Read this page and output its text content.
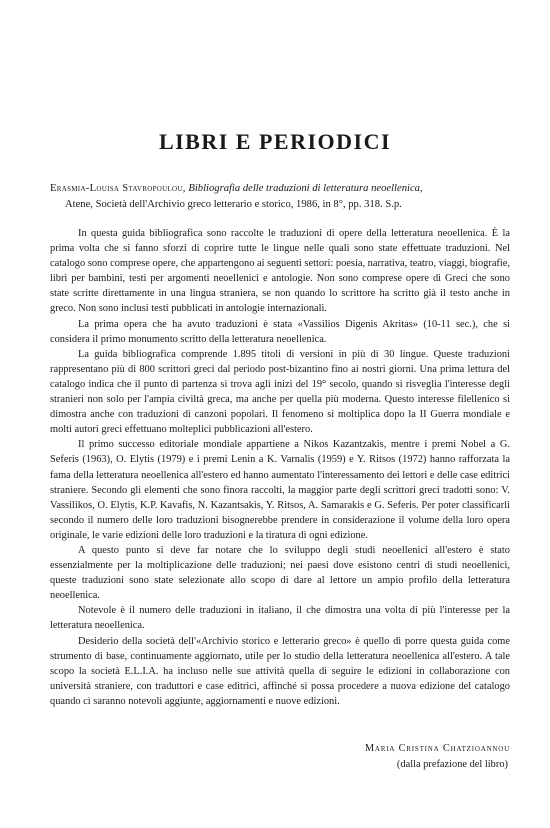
LIBRI E PERIODICI
Erasmia-Louisa Stavropoulou, Bibliografia delle traduzioni di letteratura neoellenica,
Atene, Società dell'Archivio greco letterario e storico, 1986, in 8°, pp. 318. S.p.

In questa guida bibliografica sono raccolte le traduzioni di opere della letteratura neoellenica. È la prima volta che si fanno sforzi di coprire tutte le lingue nelle quali sono state effettuate traduzioni. Nel catalogo sono comprese opere, che appartengono ai seguenti settori: poesia, narrativa, teatro, viaggi, biografie, libri per bambini, testi per argomenti neoellenici e antologie. Non sono comprese opere di Greci che sono state scritte direttamente in una lingua straniera, se non quando lo scrittore ha scritto già il testo anche in greco. Non sono inclusi testi pubblicati in antologie internazionali.

La prima opera che ha avuto traduzioni è stata «Vassilios Digenis Akritas» (10-11 sec.), che si considera il primo monumento scritto della letteratura neoellenica.

La guida bibliografica comprende 1.895 titoli di versioni in più di 30 lingue. Queste traduzioni rappresentano più di 800 scrittori greci dal periodo post-bizantino fino ai nostri giorni. Una prima lettura del catalogo indica che il punto di partenza si trova agli inizi del 19° secolo, quando si risveglia l'interesse degli stranieri non solo per l'ampia civiltà greca, ma anche per quella più moderna. Questo interesse filellenico si dimostra anche con traduzioni di canzoni popolari. Il fenomeno si moltiplica dopo la II Guerra mondiale e molti autori greci effettuano molteplici pubblicazioni all'estero.

Il primo successo editoriale mondiale appartiene a Nikos Kazantzakis, mentre i premi Nobel a G. Seferis (1963), O. Elytis (1979) e i premi Lenin a K. Varnalis (1959) e Y. Ritsos (1972) hanno rafforzata la fama della letteratura neoellenica all'estero ed hanno aumentato l'interessamento dei lettori e delle case editrici straniere. Secondo gli elementi che sono finora raccolti, la maggior parte degli scrittori greci tradotti sono: V. Vassilikos, O. Elytis, K.P. Kavafis, N. Kazantsakis, Y. Ritsos, A. Samarakis e G. Seferis. Per poter classificarli secondo il numero delle loro traduzioni bisognerebbe prendere in considerazione il volume della loro opera originale, le varie edizioni delle loro traduzioni e la tiratura di ogni edizione.

A questo punto si deve far notare che lo sviluppo degli studi neoellenici all'estero è stato essenzialmente per la moltiplicazione delle traduzioni; nei paesi dove esistono centri di studi neoellenici, queste traduzioni sono state selezionate allo scopo di dare al lettore un ampio profilo della letteratura neoellenica.

Notevole è il numero delle traduzioni in italiano, il che dimostra una volta di più l'interesse per la letteratura neoellenica.

Desiderio della società dell'«Archivio storico e letterario greco» è quello di porre questa guida come strumento di base, continuamente aggiornato, utile per lo studio della letteratura neoellenica all'estero. A tale scopo la società E.L.I.A. ha incluso nelle sue attività quella di seguire le edizioni in collaborazione con università straniere, con traduttori e case editrici, affinché si possa procedere a nuova edizione del catalogo quando ci saranno notevoli aggiunte, aggiornamenti e nuove edizioni.

Maria Cristina Chatzioannou
(dalla prefazione del libro)
